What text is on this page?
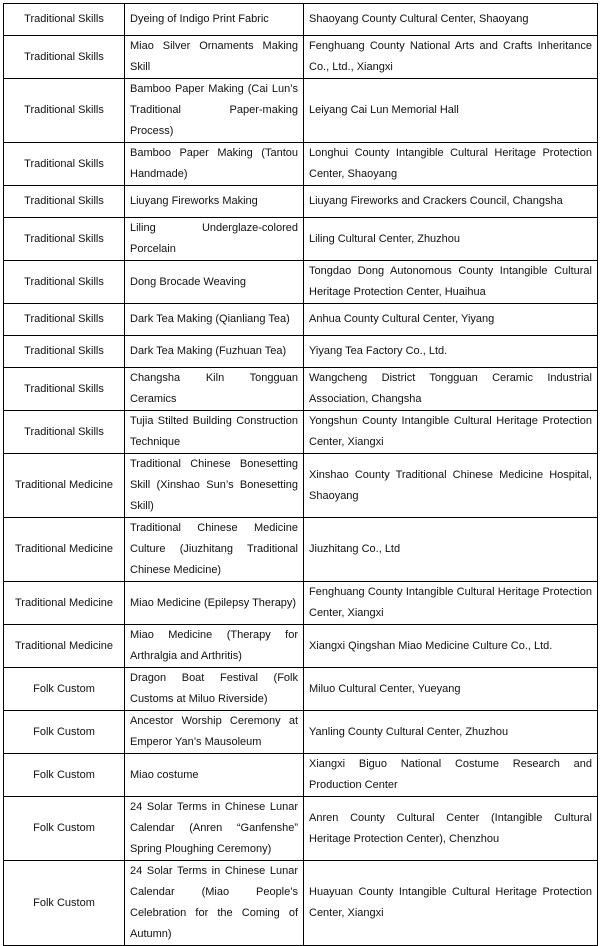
Traditional Skills	Dyeing of Indigo Print Fabric	Shaoyang County Cultural Center, Shaoyang
Traditional Skills	Miao Silver Ornaments Making Skill	Fenghuang County National Arts and Crafts Inheritance Co., Ltd., Xiangxi
Traditional Skills	Bamboo Paper Making (Cai Lun’s Traditional Paper-making Process)	Leiyang Cai Lun Memorial Hall
Traditional Skills	Bamboo Paper Making (Tantou Handmade)	Longhui County Intangible Cultural Heritage Protection Center, Shaoyang
Traditional Skills	Liuyang Fireworks Making	Liuyang Fireworks and Crackers Council, Changsha
Traditional Skills	Liling Underglaze-colored Porcelain	Liling Cultural Center, Zhuzhou
Traditional Skills	Dong Brocade Weaving	Tongdao Dong Autonomous County Intangible Cultural Heritage Protection Center, Huaihua
Traditional Skills	Dark Tea Making (Qianliang Tea)	Anhua County Cultural Center, Yiyang
Traditional Skills	Dark Tea Making (Fuzhuan Tea)	Yiyang Tea Factory Co., Ltd.
Traditional Skills	Changsha Kiln Tongguan Ceramics	Wangcheng District Tongguan Ceramic Industrial Association, Changsha
Traditional Skills	Tujia Stilted Building Construction Technique	Yongshun County Intangible Cultural Heritage Protection Center, Xiangxi
Traditional Medicine	Traditional Chinese Bonesetting Skill (Xinshao Sun’s Bonesetting Skill)	Xinshao County Traditional Chinese Medicine Hospital, Shaoyang
Traditional Medicine	Traditional Chinese Medicine Culture (Jiuzhitang Traditional Chinese Medicine)	Jiuzhitang Co., Ltd
Traditional Medicine	Miao Medicine (Epilepsy Therapy)	Fenghuang County Intangible Cultural Heritage Protection Center, Xiangxi
Traditional Medicine	Miao Medicine (Therapy for Arthralgia and Arthritis)	Xiangxi Qingshan Miao Medicine Culture Co., Ltd.
Folk Custom	Dragon Boat Festival (Folk Customs at Miluo Riverside)	Miluo Cultural Center, Yueyang
Folk Custom	Ancestor Worship Ceremony at Emperor Yan’s Mausoleum	Yanling County Cultural Center, Zhuzhou
Folk Custom	Miao costume	Xiangxi Biguo National Costume Research and Production Center
Folk Custom	24 Solar Terms in Chinese Lunar Calendar (Anren “Ganfenshe” Spring Ploughing Ceremony)	Anren County Cultural Center (Intangible Cultural Heritage Protection Center), Chenzhou
Folk Custom	24 Solar Terms in Chinese Lunar Calendar (Miao People’s Celebration for the Coming of Autumn)	Huayuan County Intangible Cultural Heritage Protection Center, Xiangxi
